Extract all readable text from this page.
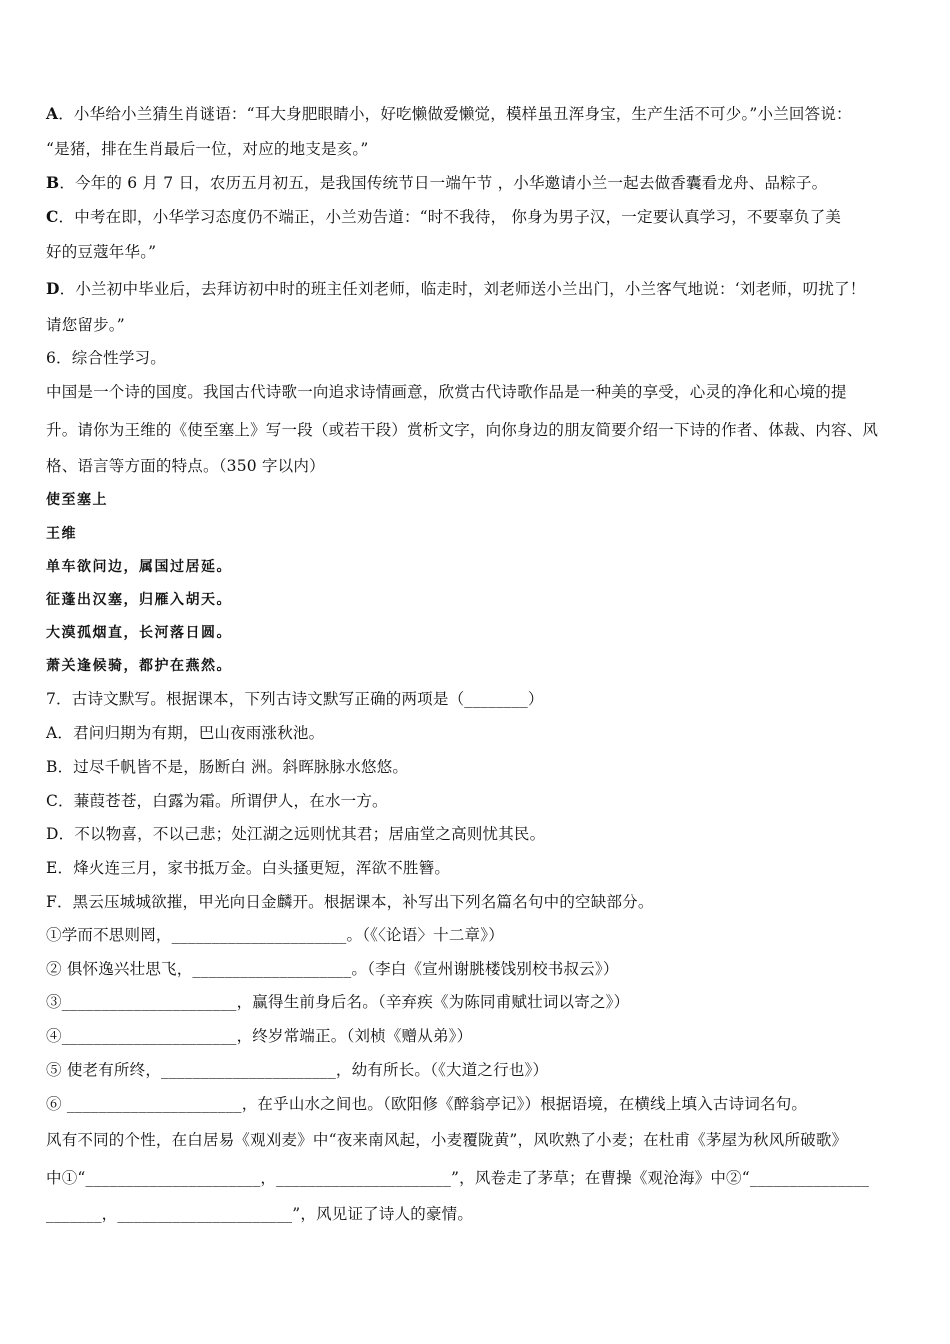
A．小华给小兰猜生肖谜语：“耳大身肥眼睛小，好吃懒做爱懒觉，模样虽丑浑身宝，生产生活不可少。”小兰回答说：
“是猪，排在生肖最后一位，对应的地支是亥。”
B．今年的 6 月 7 日，农历五月初五，是我国传统节日一端午节 ，小华邀请小兰一起去做香囊看龙舟、品粽子。
C．中考在即，小华学习态度仍不端正，小兰劝告道：“时不我待， 你身为男子汉，一定要认真学习，不要辜负了美
好的豆蔻年华。”
D．小兰初中毕业后，去拜访初中时的班主任刘老师，临走时，刘老师送小兰出门，小兰客气地说：‘刘老师，叨扰了！
请您留步。”
6．综合性学习。
中国是一个诗的国度。我国古代诗歌一向追求诗情画意，欣赏古代诗歌作品是一种美的享受，心灵的净化和心境的提
升。请你为王维的《使至塞上》写一段（或若干段）赏析文字，向你身边的朋友简要介绍一下诗的作者、体裁、内容、风
格、语言等方面的特点。（350 字以内）
使至塞上
王维
单车欲问边，属国过居延。
征蓬出汉塞，归雁入胡天。
大漠孤烟直，长河落日圆。
萧关逢候骑，都护在燕然。
7．古诗文默写。根据课本，下列古诗文默写正确的两项是（________）
A．君问归期为有期，巴山夜雨涨秋池。
B．过尽千帆皆不是，肠断白 洲。斜晖脉脉水悠悠。
C．蒹葭苍苍，白露为霜。所谓伊人，在水一方。
D．不以物喜，不以己悲；处江湖之远则忧其君；居庙堂之高则忧其民。
E．烽火连三月，家书抵万金。白头搔更短，浑欲不胜簪。
F．黑云压城城欲摧，甲光向日金麟开。根据课本，补写出下列名篇名句中的空缺部分。
①学而不思则罔，______________________。（《〈论语〉十二章》）
② 俱怀逸兴壮思飞，____________________。（李白《宣州谢朓楼饯别校书叔云》）
③______________________，赢得生前身后名。（辛弃疾《为陈同甫赋壮词以寄之》）
④______________________，终岁常端正。（刘桢《赠从弟》）
⑤ 使老有所终，______________________，幼有所长。（《大道之行也》）
⑥ ______________________，在乎山水之间也。（欧阳修《醉翁亭记》）根据语境，在横线上填入古诗词名句。
风有不同的个性，在白居易《观刈麦》中“夜来南风起，小麦覆陇黄”，风吹熟了小麦；在杜甫《茅屋为秋风所破歌》
中①“______________________，______________________”，风卷走了茅草；在曹操《观沧海》中②“_______________
_______，______________________”，风见证了诗人的豪情。
